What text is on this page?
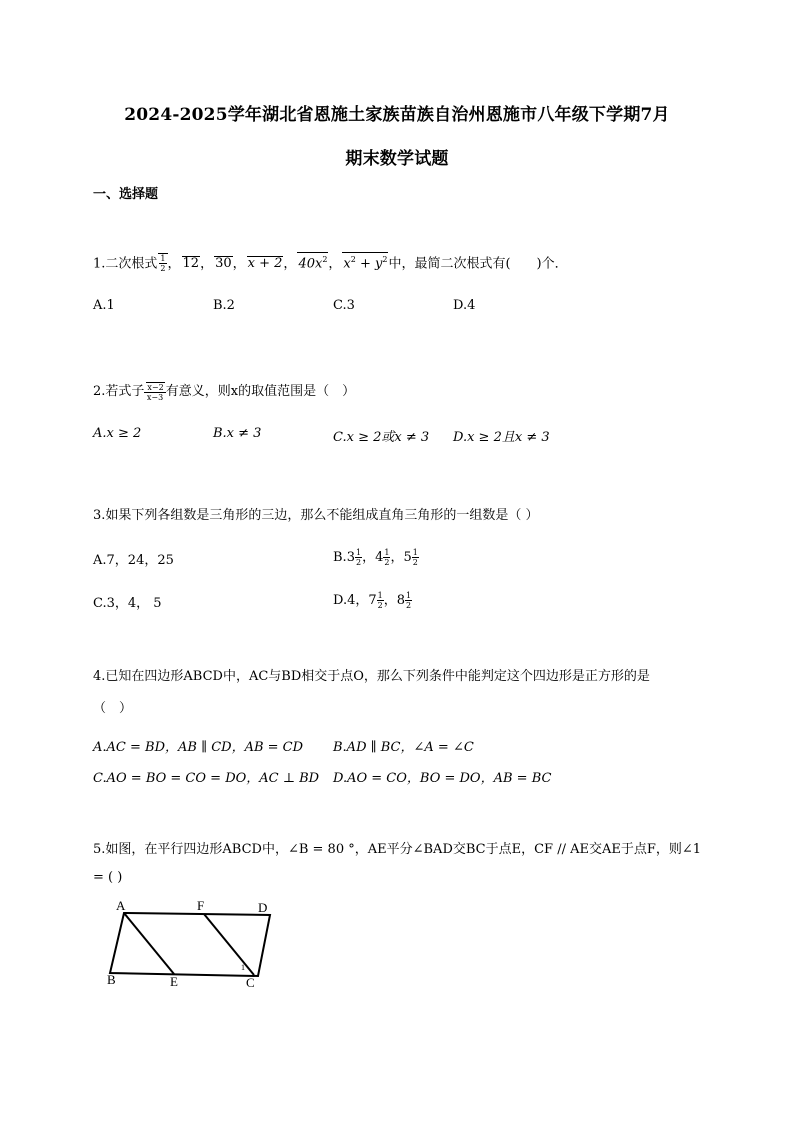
2024-2025学年湖北省恩施土家族苗族自治州恩施市八年级下学期7月
期末数学试题
一、选择题
1.二次根式 $\frac{1}{2}$ ， 12， 30， x + 2， $40x^2$， $x^2 + y^2$中，最简二次根式有(　　)个．
A.1	B.2	C.3	D.4
2.若式子 $\frac{x-2}{x-3}$ 有意义，则x的取值范围是（　）
A.x ≥ 2	B.x ≠ 3	C.x ≥ 2或x ≠ 3 D.x ≥ 2且x ≠ 3
3.如果下列各组数是三角形的三边，那么不能组成直角三角形的一组数是（ ）
A.7，24，25	$B.3 \frac{1}{2}$ ，$4 \frac{1}{2}$ ，$5 \frac{1}{2}$
C.3，4， 5	D.4，$7 \frac{1}{2}$ ，$8 \frac{1}{2}$
4.已知在四边形ABCD中，AC与BD相交于点O，那么下列条件中能判定这个四边形是正方形的是
（　）
A.AC = BD，AB ∥ CD，AB = CD B.AD ∥ BC，∠A = ∠C
C.AO = BO = CO = DO，AC ⊥ BD D.AO = CO，BO = DO，AB = BC
5.如图，在平行四边形ABCD中，∠B = 80 °，AE平分∠BAD交BC于点E，CF // AE交AE于点F，则∠1
= ( )
A	F	D
B	E	C
1
